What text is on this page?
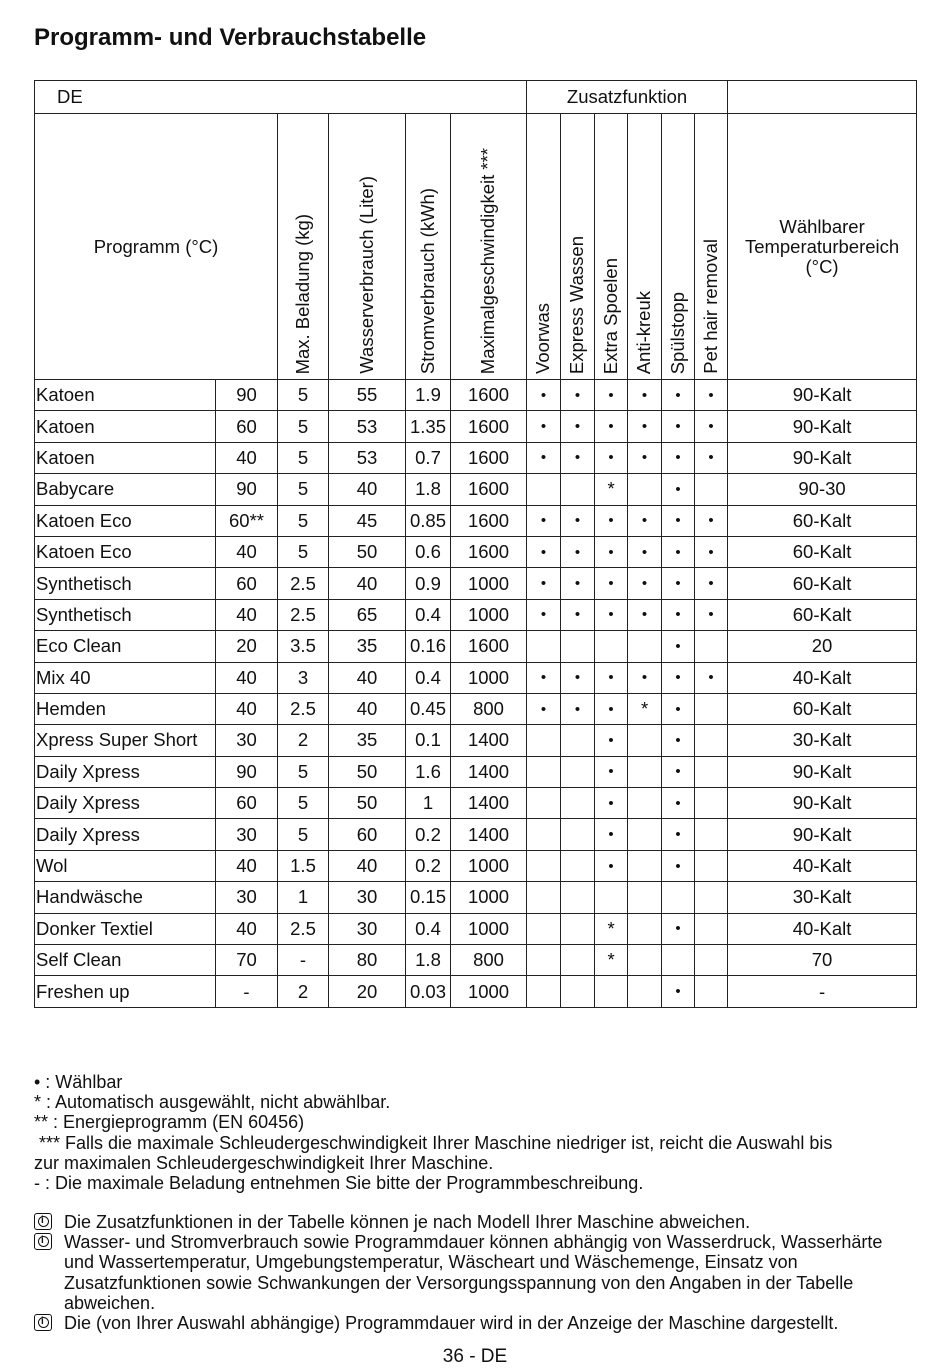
Programm- und Verbrauchstabelle
DE						Zusatzfunktion						
Programm (°C)		Max. Beladung (kg)	Wasserverbrauch (Liter)	Stromverbrauch (kWh)	Maximalgeschwindigkeit ***	Voorwas	Express Wassen	Extra Spoelen	Anti-kreuk	Spülstopp	Pet hair removal	Wählbarer
Temperaturbereich (°C)

Katoen	90	5	55	1.9	1600	•	•	•	•	•	•	90-Kalt
Katoen	60	5	53	1.35	1600	•	•	•	•	•	•	90-Kalt
Katoen	40	5	53	0.7	1600	•	•	•	•	•	•	90-Kalt
Babycare	90	5	40	1.8	1600			*		•		90-30
Katoen Eco	60**	5	45	0.85	1600	•	•	•	•	•	•	60-Kalt
Katoen Eco	40	5	50	0.6	1600	•	•	•	•	•	•	60-Kalt
Synthetisch	60	2.5	40	0.9	1000	•	•	•	•	•	•	60-Kalt
Synthetisch	40	2.5	65	0.4	1000	•	•	•	•	•	•	60-Kalt
Eco Clean	20	3.5	35	0.16	1600					•		20
Mix 40	40	3	40	0.4	1000	•	•	•	•	•	•	40-Kalt
Hemden	40	2.5	40	0.45	800	•	•	•	*	•		60-Kalt
Xpress Super Short	30	2	35	0.1	1400			•		•		30-Kalt
Daily Xpress	90	5	50	1.6	1400			•		•		90-Kalt
Daily Xpress	60	5	50	1	1400			•		•		90-Kalt
Daily Xpress	30	5	60	0.2	1400			•		•		90-Kalt
Wol	40	1.5	40	0.2	1000			•		•		40-Kalt
Handwäsche	30	1	30	0.15	1000							30-Kalt
Donker Textiel	40	2.5	30	0.4	1000			*		•		40-Kalt
Self Clean	70	-	80	1.8	800			*				70
Freshen up	-	2	20	0.03	1000					•		-
• : Wählbar
* : Automatisch ausgewählt, nicht abwählbar.
** : Energieprogramm (EN 60456)
*** Falls die maximale Schleudergeschwindigkeit Ihrer Maschine niedriger ist, reicht die Auswahl bis
zur maximalen Schleudergeschwindigkeit Ihrer Maschine.
- : Die maximale Beladung entnehmen Sie bitte der Programmbeschreibung.
i Die Zusatzfunktionen in der Tabelle können je nach Modell Ihrer Maschine abweichen.
i Wasser- und Stromverbrauch sowie Programmdauer können abhängig von Wasserdruck, Wasserhärte und Wassertemperatur, Umgebungstemperatur, Wäscheart und Wäschemenge, Einsatz von Zusatzfunktionen sowie Schwankungen der Versorgungsspannung von den Angaben in der Tabelle abweichen.
i Die (von Ihrer Auswahl abhängige) Programmdauer wird in der Anzeige der Maschine dargestellt.
36 - DE
